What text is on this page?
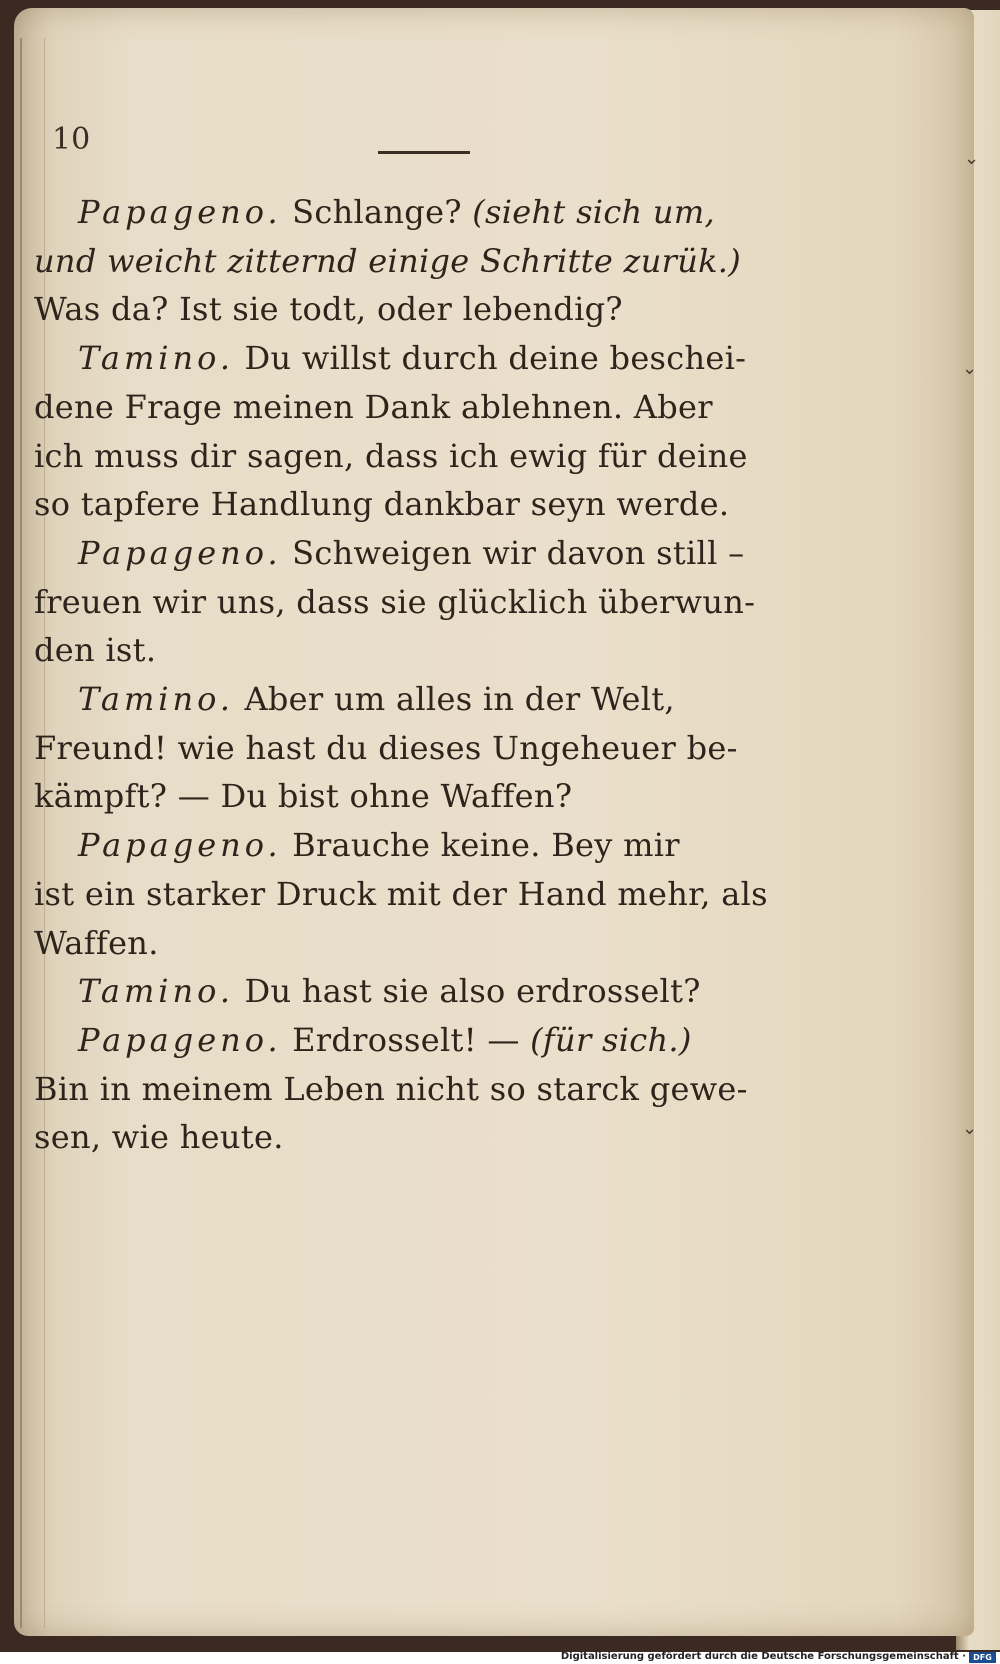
⌄
⌄
⌄
10
Papageno. Schlange? (sieht sich um,
und weicht zitternd einige Schritte zurük.)
Was da? Ist sie todt, oder lebendig?
Tamino. Du willst durch deine beschei-
dene Frage meinen Dank ablehnen. Aber
ich muss dir sagen, dass ich ewig für deine
so tapfere Handlung dankbar seyn werde.
Papageno. Schweigen wir davon still –
freuen wir uns, dass sie glücklich überwun-
den ist.
Tamino. Aber um alles in der Welt,
Freund! wie hast du dieses Ungeheuer be-
kämpft? — Du bist ohne Waffen?
Papageno. Brauche keine. Bey mir
ist ein starker Druck mit der Hand mehr, als
Waffen.
Tamino. Du hast sie also erdrosselt?
Papageno. Erdrosselt! — (für sich.)
Bin in meinem Leben nicht so starck gewe-
sen, wie heute.
Digitalisierung gefördert durch die Deutsche Forschungsgemeinschaft · DFG
